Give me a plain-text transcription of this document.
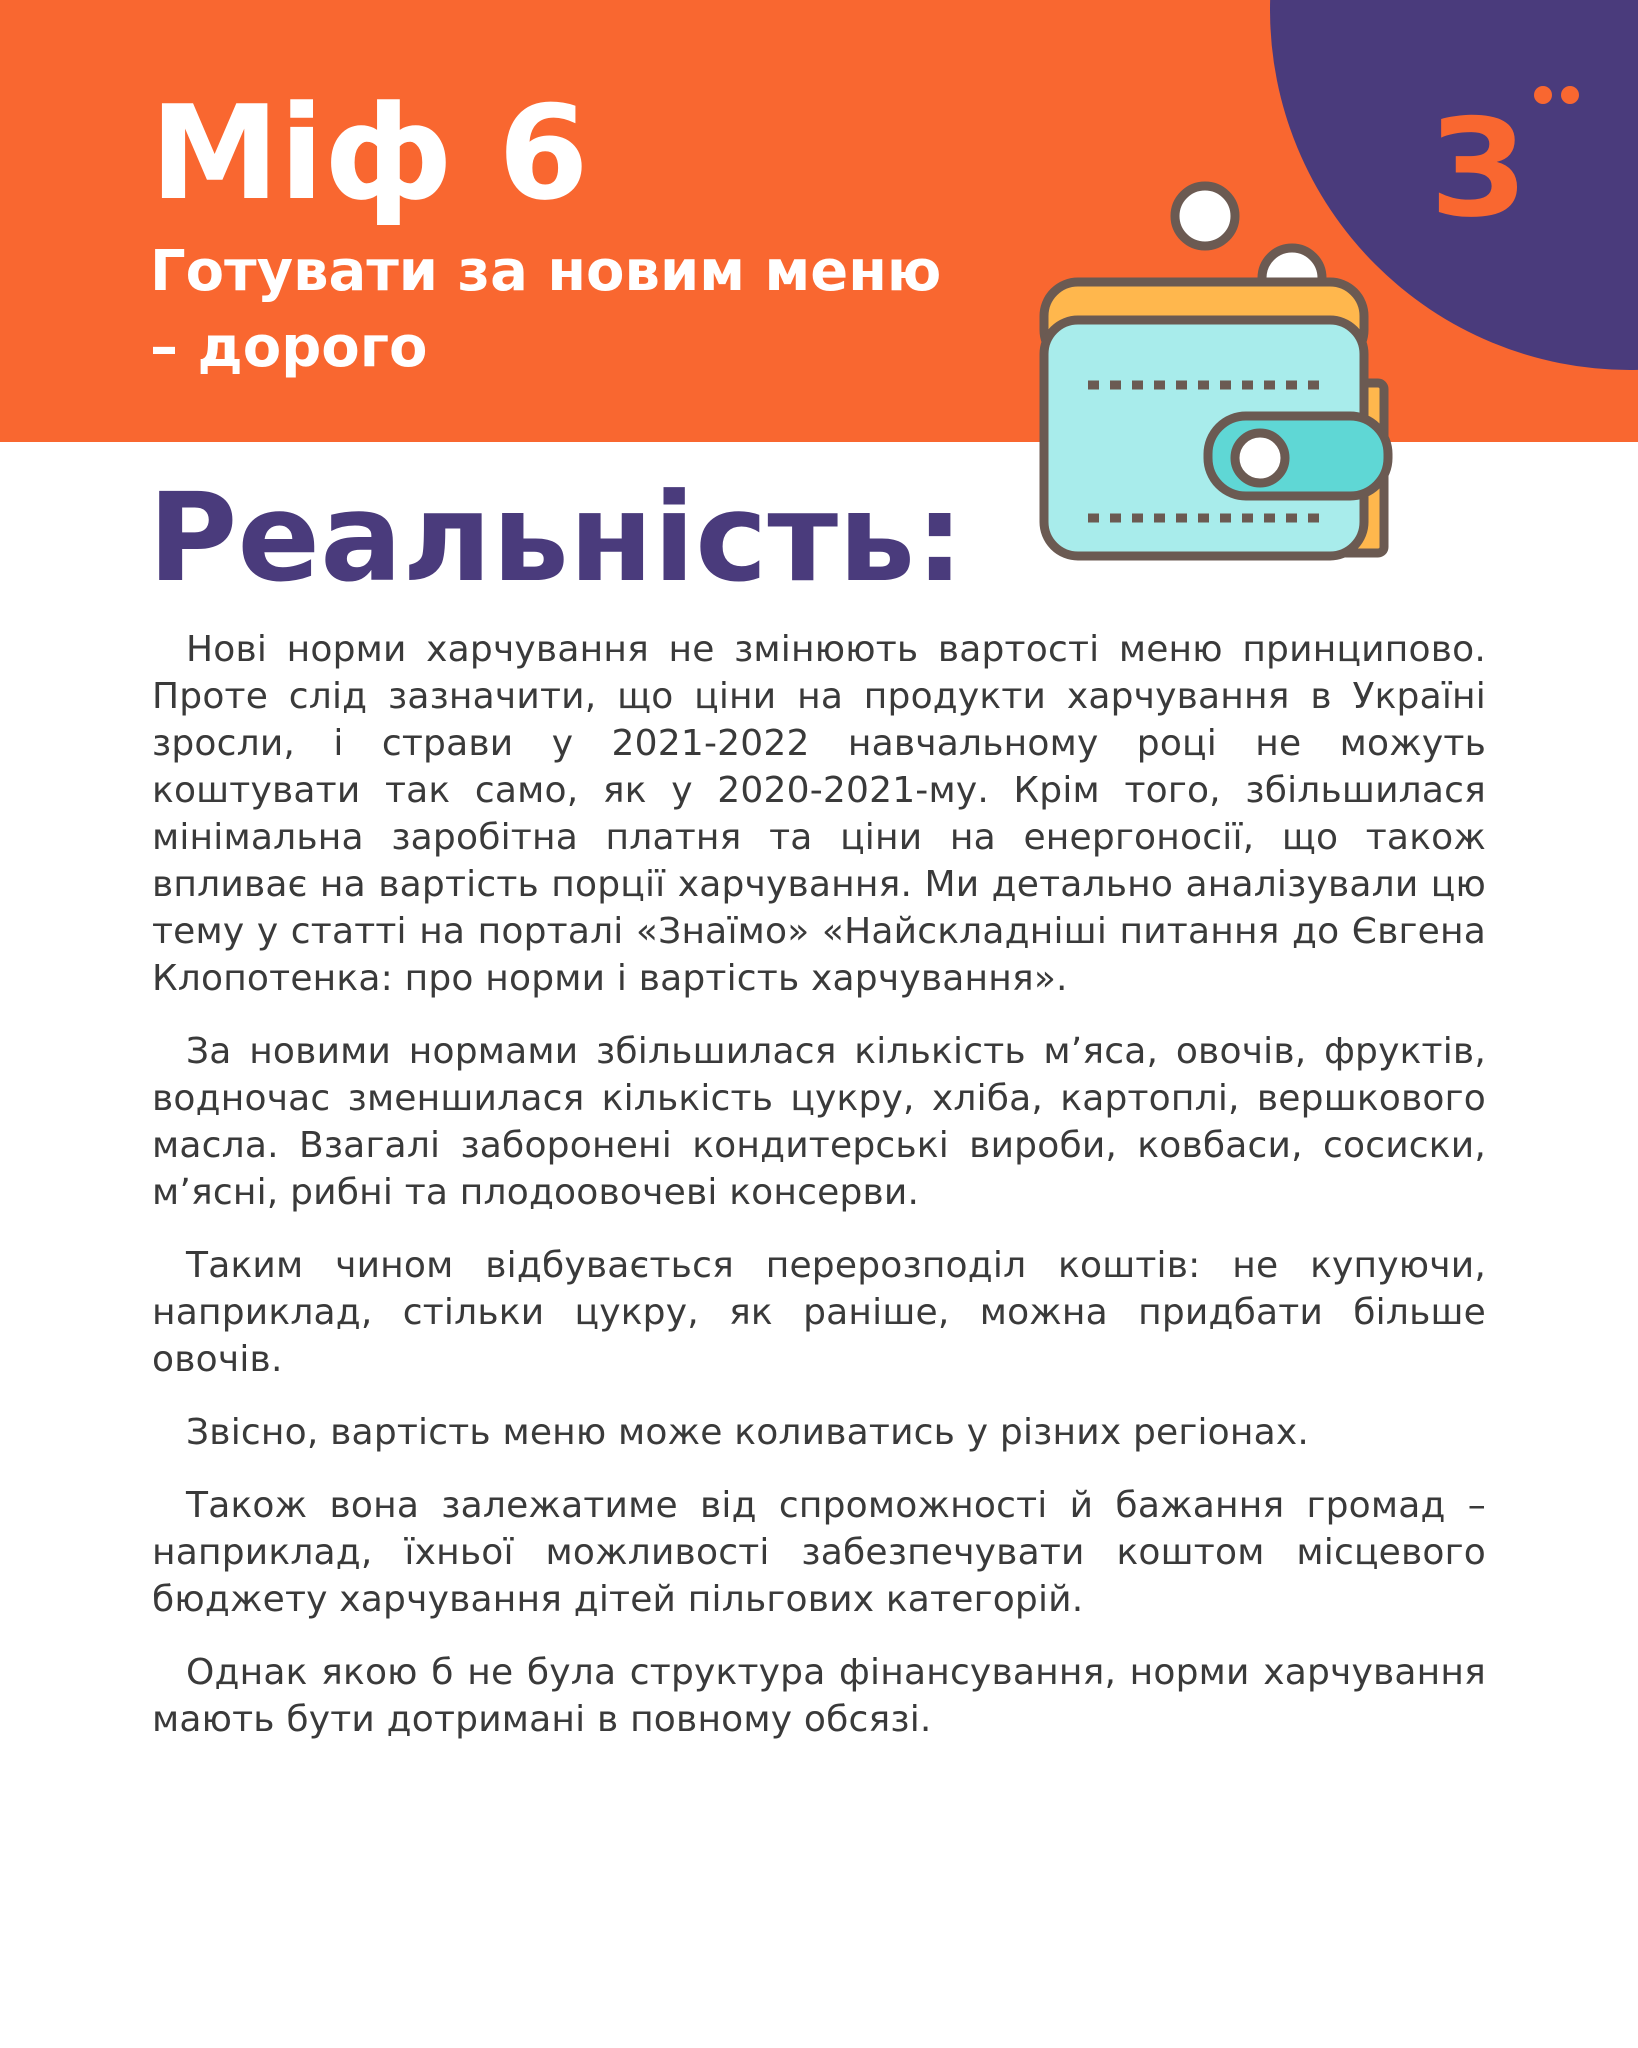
З
Міф 6
Готувати за новим меню – дорого
Реальність:

Нові норми харчування не змінюють вартості меню принципово. Проте слід зазначити, що ціни на продукти харчування в Україні зросли, і страви у 2021-2022 навчальному році не можуть коштувати так само, як у 2020-2021-му. Крім того, збільшилася мінімальна заробітна платня та ціни на енергоносії, що також впливає на вартість порції харчування. Ми детально аналізували цю тему у статті на порталі «Знаїмо» «Найскладніші питання до Євгена Клопотенка: про норми і вартість харчування».

За новими нормами збільшилася кількість м’яса, овочів, фруктів, водночас зменшилася кількість цукру, хліба, картоплі, вершкового масла. Взагалі заборонені кондитерські вироби, ковбаси, сосиски, м’ясні, рибні та плодоовочеві консерви.

Таким чином відбувається перерозподіл коштів: не купуючи, наприклад, стільки цукру, як раніше, можна придбати більше овочів.

Звісно, вартість меню може коливатись у різних регіонах.

Також вона залежатиме від спроможності й бажання громад – наприклад, їхньої можливості забезпечувати коштом місцевого бюджету харчування дітей пільгових категорій.

Однак якою б не була структура фінансування, норми харчування мають бути дотримані в повному обсязі.
